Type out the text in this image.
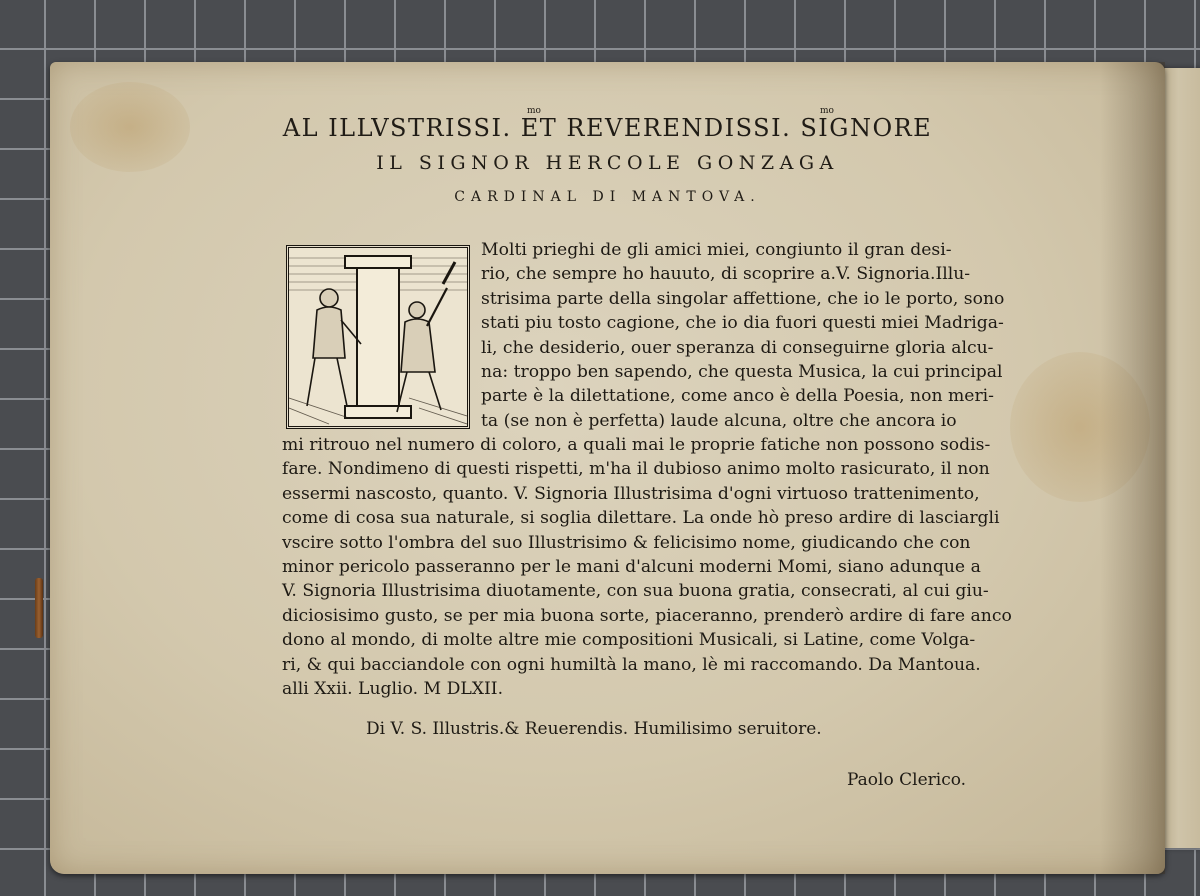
mo	mo
AL ILLVSTRISSI. ET REVERENDISSI. SIGNORE
IL SIGNOR HERCOLE GONZAGA
CARDINAL DI MANTOVA.
Molti prieghi de gli amici miei, congiunto il gran desi-
rio, che sempre ho hauuto, di scoprire a.V. Signoria.Illu-
strisima parte della singolar affettione, che io le porto, sono
stati piu tosto cagione, che io dia fuori questi miei Madriga-
li, che desiderio, ouer speranza di conseguirne gloria alcu-
na: troppo ben sapendo, che questa Musica, la cui principal
parte è la dilettatione, come anco è della Poesia, non meri-
ta (se non è perfetta) laude alcuna, oltre che ancora io
mi ritrouo nel numero di coloro, a quali mai le proprie fatiche non possono sodis-
fare. Nondimeno di questi rispetti, m'ha il dubioso animo molto rasicurato, il non
essermi nascosto, quanto. V. Signoria Illustrisima d'ogni virtuoso trattenimento,
come di cosa sua naturale, si soglia dilettare. La onde hò preso ardire di lasciargli
vscire sotto l'ombra del suo Illustrisimo & felicisimo nome, giudicando che con
minor pericolo passeranno per le mani d'alcuni moderni Momi, siano adunque a
V. Signoria Illustrisima diuotamente, con sua buona gratia, consecrati, al cui giu-
diciosisimo gusto, se per mia buona sorte, piaceranno, prenderò ardire di fare anco
dono al mondo, di molte altre mie compositioni Musicali, si Latine, come Volga-
ri, & qui bacciandole con ogni humiltà la mano, lè mi raccomando. Da Mantoua.
alli Xxii. Luglio. M DLXII.
Di V. S. Illustris.& Reuerendis. Humilisimo seruitore.
Paolo Clerico.
